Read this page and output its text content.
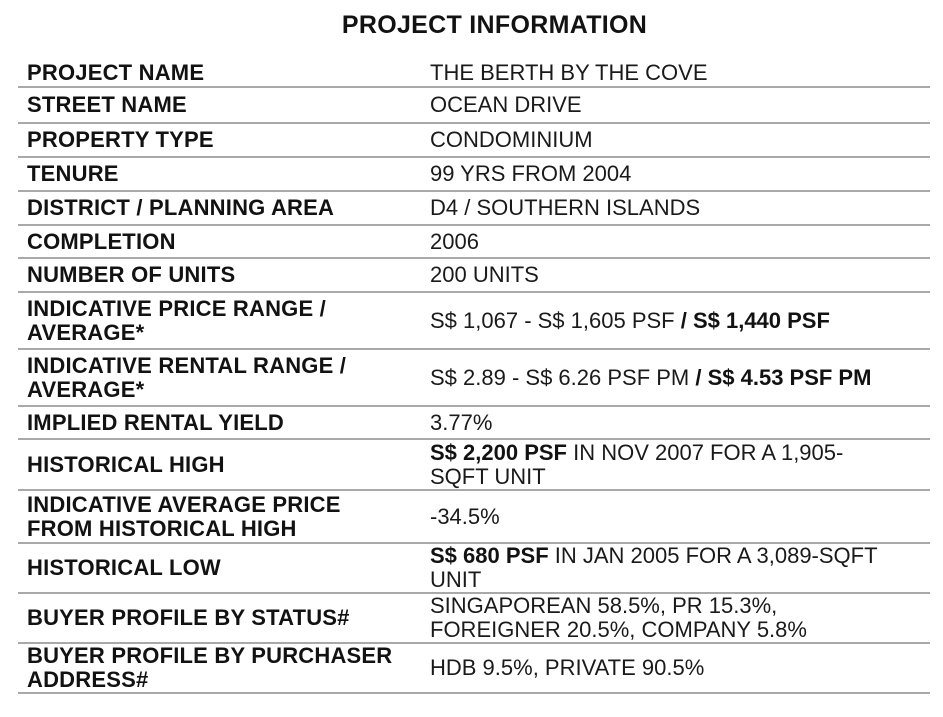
PROJECT INFORMATION
PROJECT NAME	THE BERTH BY THE COVE
STREET NAME	OCEAN DRIVE
PROPERTY TYPE	CONDOMINIUM
TENURE	99 YRS FROM 2004
DISTRICT / PLANNING AREA	D4 / SOUTHERN ISLANDS
COMPLETION	2006
NUMBER OF UNITS	200 UNITS
INDICATIVE PRICE RANGE /
AVERAGE*	S$ 1,067 - S$ 1,605 PSF / S$ 1,440 PSF
INDICATIVE RENTAL RANGE /
AVERAGE*	S$ 2.89 - S$ 6.26 PSF PM / S$ 4.53 PSF PM
IMPLIED RENTAL YIELD	3.77%
HISTORICAL HIGH	S$ 2,200 PSF IN NOV 2007 FOR A 1,905-
SQFT UNIT
INDICATIVE AVERAGE PRICE
FROM HISTORICAL HIGH	-34.5%
HISTORICAL LOW	S$ 680 PSF IN JAN 2005 FOR A 3,089-SQFT
UNIT
BUYER PROFILE BY STATUS#	SINGAPOREAN 58.5%, PR 15.3%,
FOREIGNER 20.5%, COMPANY 5.8%
BUYER PROFILE BY PURCHASER
ADDRESS#	HDB 9.5%, PRIVATE 90.5%
